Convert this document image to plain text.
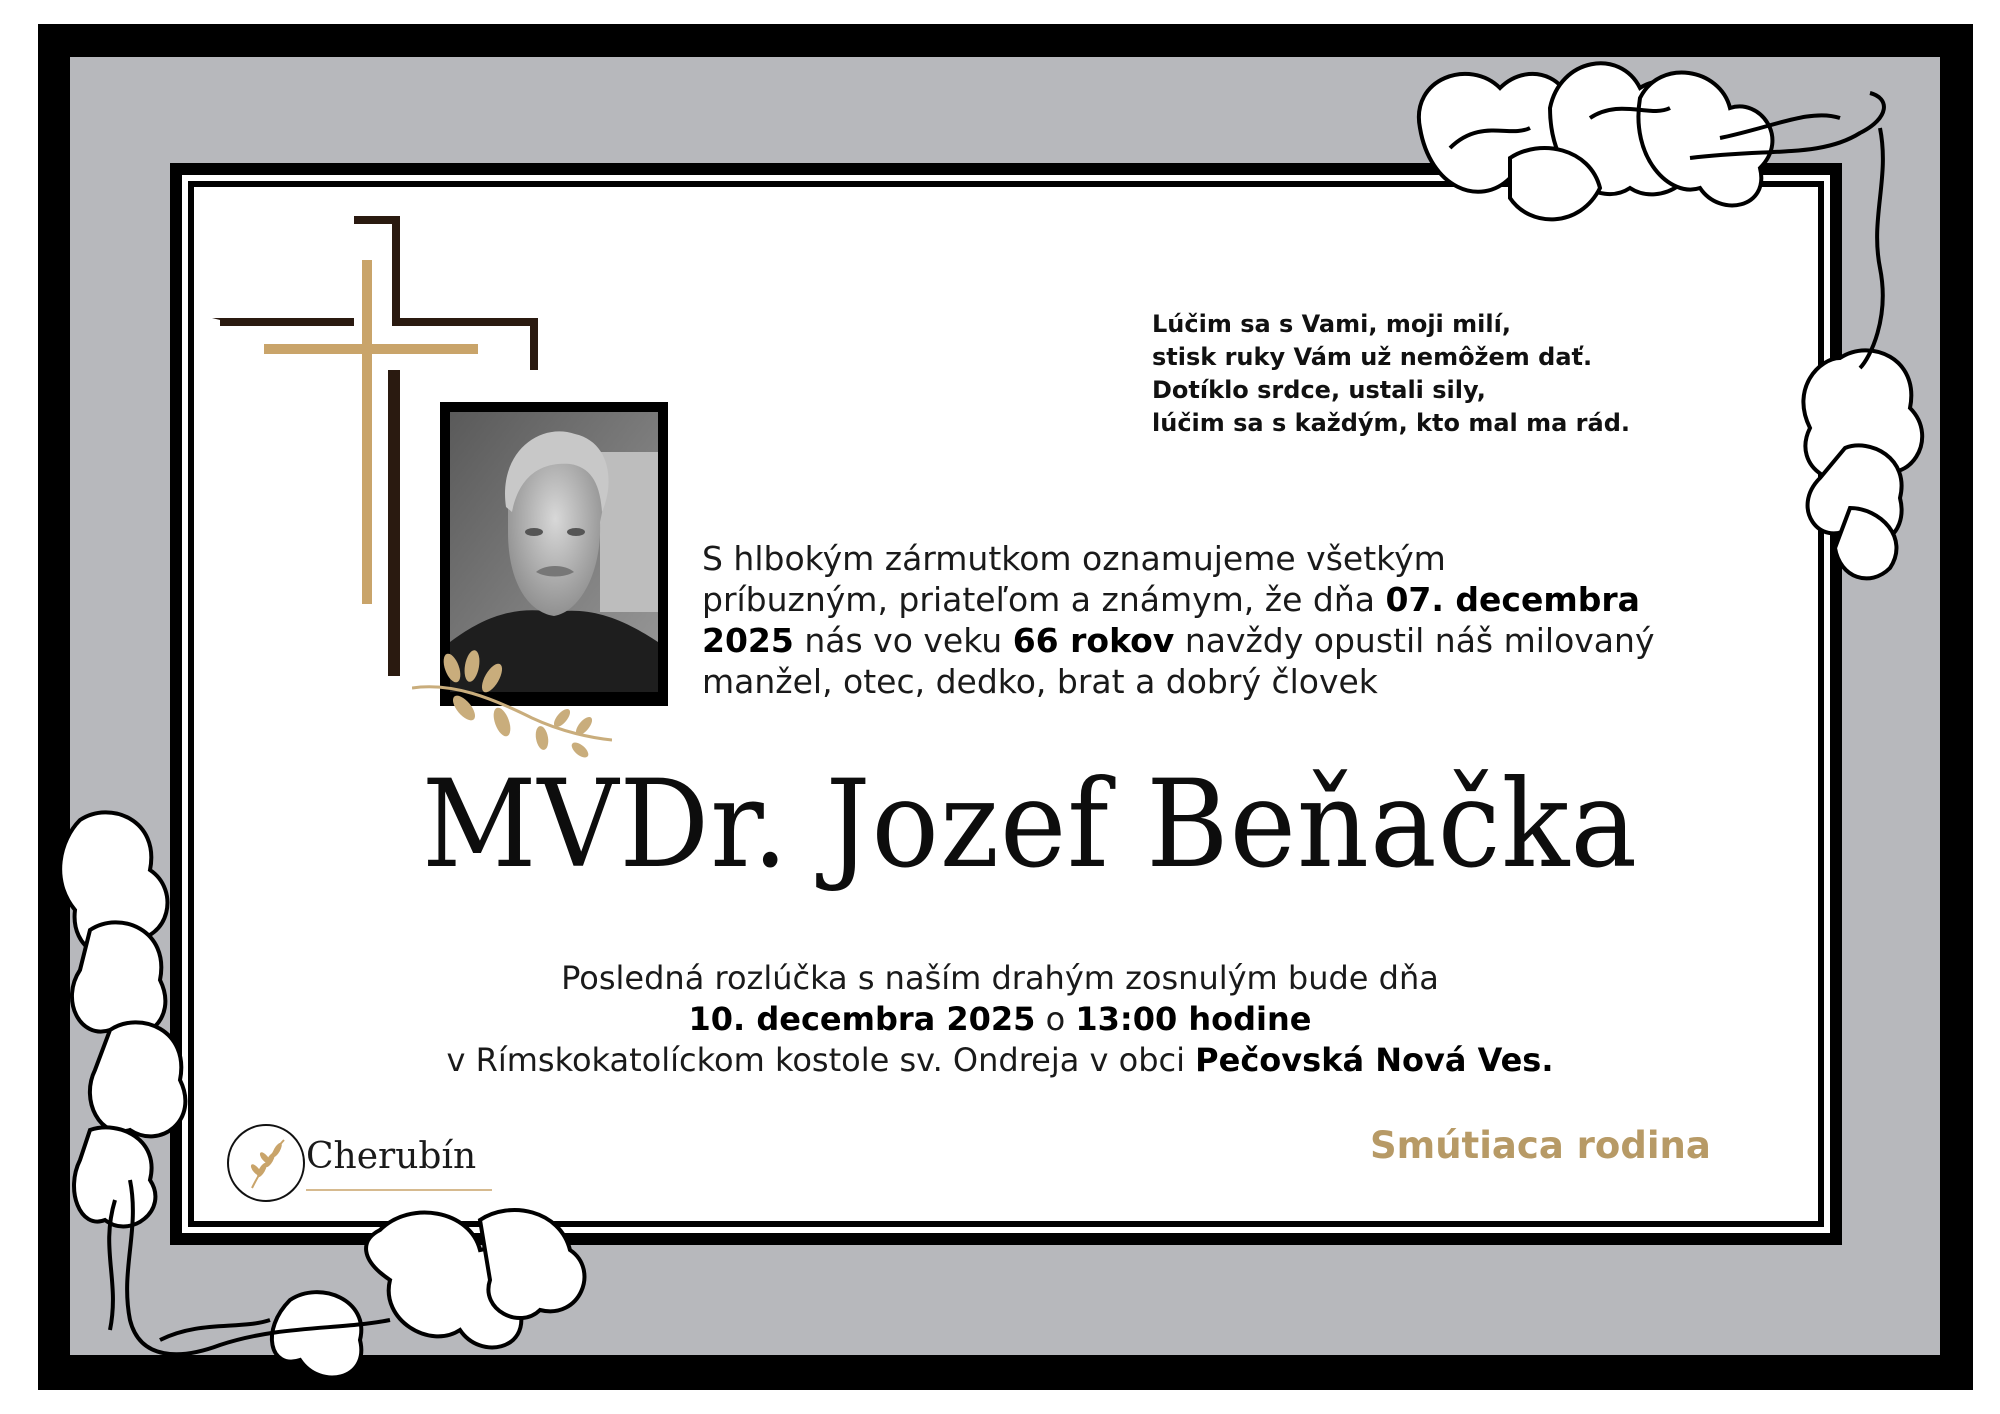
Lúčim sa s Vami, moji milí,
stisk ruky Vám už nemôžem dať.
Dotíklo srdce, ustali sily,
lúčim sa s každým, kto mal ma rád.
S hlbokým zármutkom oznamujeme všetkým
príbuzným, priateľom a známym, že dňa 07. decembra
2025 nás vo veku 66 rokov navždy opustil náš milovaný
manžel, otec, dedko, brat a dobrý človek
MVDr. Jozef Beňačka
Posledná rozlúčka s naším drahým zosnulým bude dňa
10. decembra 2025 o 13:00 hodine
v Rímskokatolíckom kostole sv. Ondreja v obci Pečovská Nová Ves.
Smútiaca rodina
Cherubín
